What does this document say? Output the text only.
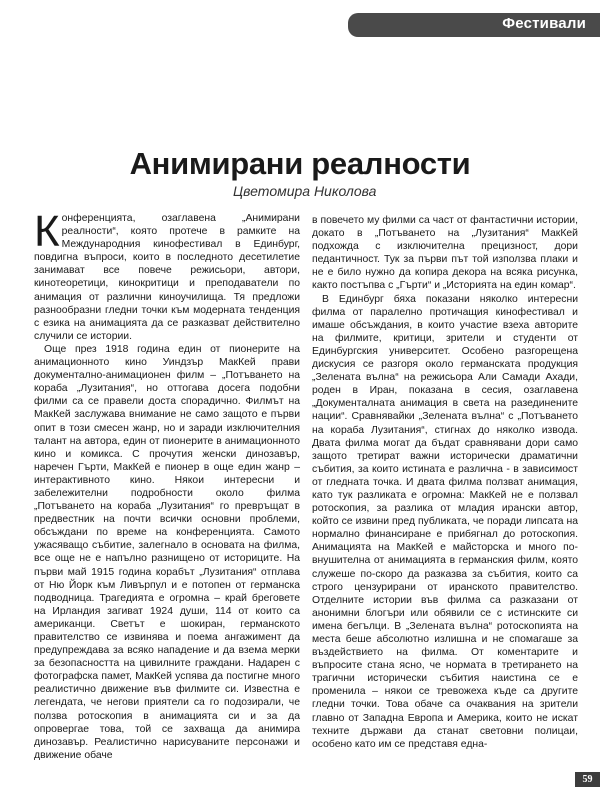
Фестивали
Анимирани реалности

Цветомира Николова

К онференцията, озаглавена „Анимирани реалности“, която протече в рамките на Международния кинофестивал в Единбург, повдигна въпроси, които в последното десетилетие занимават все повече режисьори, автори, кинотеоретици, кинокритици и преподаватели по анимация от различни киноучилища. Тя предложи разнообразни гледни точки към модерната тенденция с езика на анимацията да се разказват действително случили се истории.

Още през 1918 година един от пионерите на анимационното кино Уиндзър МакКей прави документално-анимационен филм – „Потъването на кораба „Лузитания“, но оттогава досега подобни филми са се правели доста спорадично. Филмът на МакКей заслужава внимание не само защото е първи опит в този смесен жанр, но и заради изключителния талант на автора, един от пионерите в анимационното кино и комикса. С прочутия женски динозавър, наречен Гърти, МакКей е пионер в още един жанр – интерактивното кино. Някои интересни и забележителни подробности около филма „Потъването на кораба „Лузитания“ го превръщат в предвестник на почти всички основни проблеми, обсъждани по време на конференцията. Самото ужасяващо събитие, залегнало в основата на филма, все още не е напълно разнищено от историците. На първи май 1915 година корабът „Лузитания“ отплава от Ню Йорк към Ливърпул и е потопен от германска подводница. Трагедията е огромна – край бреговете на Ирландия загиват 1924 души, 114 от които са американци. Светът е шокиран, германското правителство се извинява и поема ангажимент да предупреждава за всяко нападение и да взема мерки за безопасността на цивилните граждани. Надарен с фотографска памет, МакКей успява да постигне много реалистично движение във филмите си. Известна е легендата, че негови приятели са го подозирали, че ползва ротоскопия в анимацията си и за да опровергае това, той се захваща да анимира динозавър. Реалистично нарисуваните персонажи и движение обаче

в повечето му филми са част от фантастични истории, докато в „Потъването на „Лузитания“ МакКей подхожда с изключителна прецизност, дори педантичност. Тук за първи път той използва плаки и не е било нужно да копира декора на всяка рисунка, както постъпва с „Гърти“ и „Историята на един комар“.

В Единбург бяха показани няколко интересни филма от паралелно протичащия кинофестивал и имаше обсъждания, в които участие взеха авторите на филмите, критици, зрители и студенти от Единбургския университет. Особено разгорещена дискусия се разгоря около германската продукция „Зелената вълна“ на режисьора Али Самади Ахади, роден в Иран, показана в сесия, озаглавена „Документалната анимация в света на разединените нации“. Сравнявайки „Зелената вълна“ с „Потъването на кораба Лузитания“, стигнах до няколко извода. Двата филма могат да бъдат сравнявани дори само защото третират важни исторически драматични събития, за които истината е различна - в зависимост от гледната точка. И двата филма ползват анимация, като тук разликата е огромна: МакКей не е ползвал ротоскопия, за разлика от младия ирански автор, който се извини пред публиката, че поради липсата на нормално финансиране е прибягнал до ротоскопия. Анимацията на МакКей е майсторска и много по-внушителна от анимацията в германския филм, която служеше по-скоро да разказва за събития, които са строго цензурирани от иранското правителство. Отделните истории във филма са разказани от анонимни блогъри или обявили се с истинските си имена бегълци. В „Зелената вълна“ ротоскопията на места беше абсолютно излишна и не спомагаше за въздействието на филма. От коментарите и въпросите стана ясно, че нормата в третирането на трагични исторически събития наистина се е променила – някои се тревожеха къде са другите гледни точки. Това обаче са очаквания на зрители главно от Западна Европа и Америка, които не искат техните държави да станат световни полицаи, особено като им се представя една-

59
